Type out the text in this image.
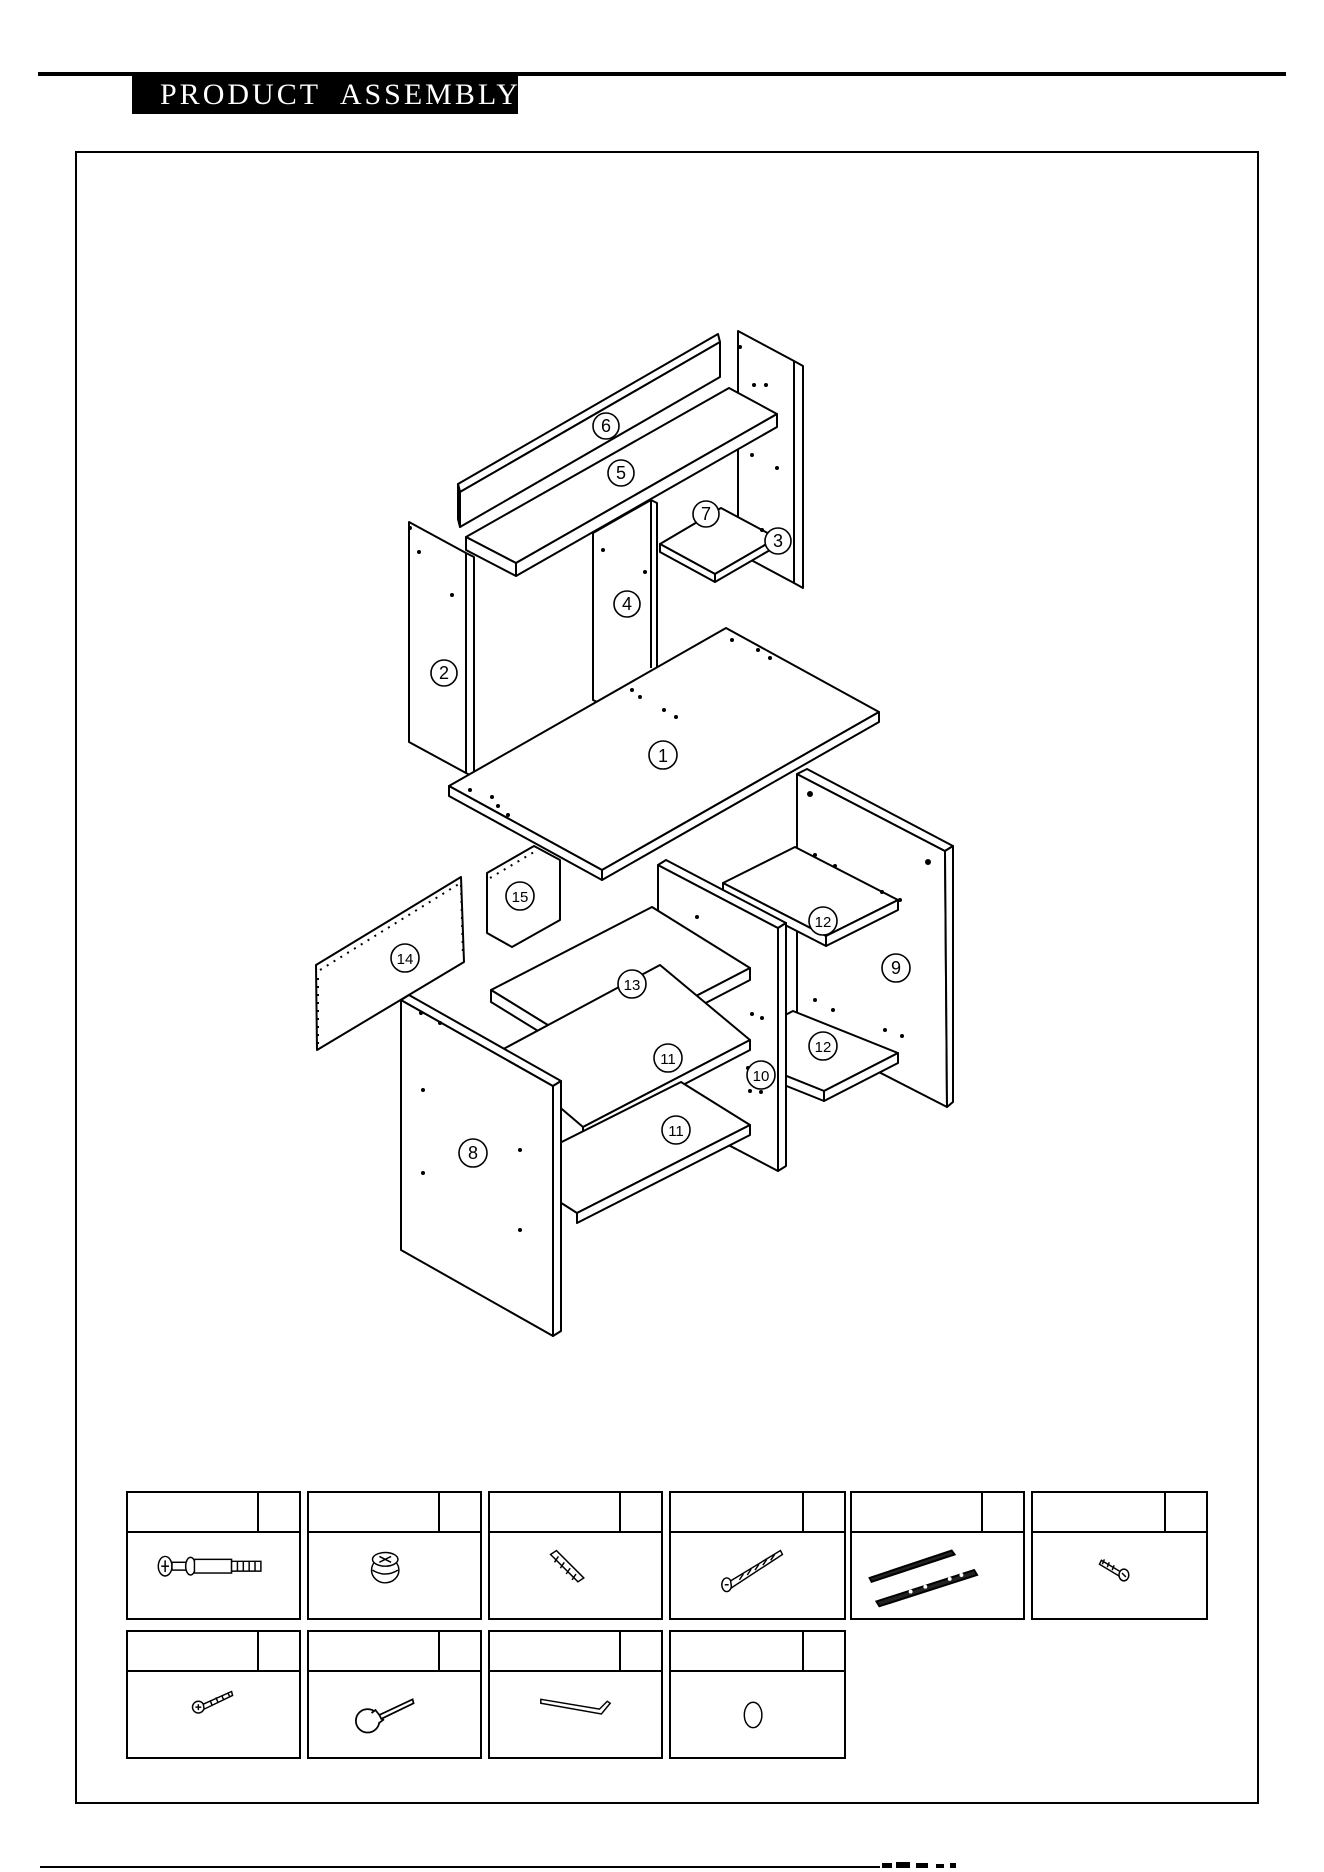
PRODUCT  ASSEMBLY
6
5
7
3
4
2
1
15
12
14	9
13
12
11
10
11
8
